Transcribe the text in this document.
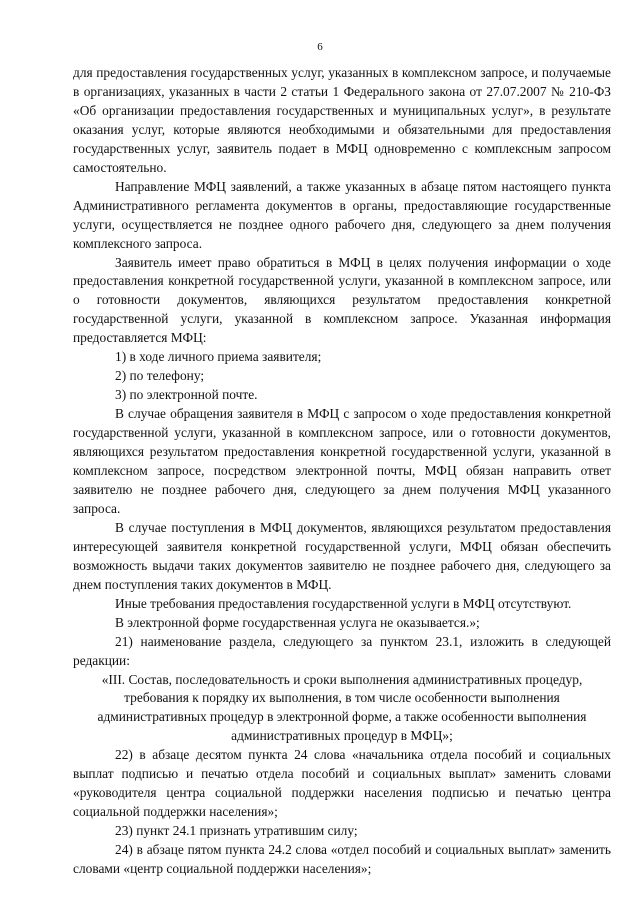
6

для предоставления государственных услуг, указанных в комплексном запросе, и получаемые в организациях, указанных в части 2 статьи 1 Федерального закона от 27.07.2007 № 210-ФЗ «Об организации предоставления государственных и муниципальных услуг», в результате оказания услуг, которые являются необходимыми и обязательными для предоставления государственных услуг, заявитель подает в МФЦ одновременно с комплексным запросом самостоятельно.

Направление МФЦ заявлений, а также указанных в абзаце пятом настоящего пункта Административного регламента документов в органы, предоставляющие государственные услуги, осуществляется не позднее одного рабочего дня, следующего за днем получения комплексного запроса.

Заявитель имеет право обратиться в МФЦ в целях получения информации о ходе предоставления конкретной государственной услуги, указанной в комплексном запросе, или о готовности документов, являющихся результатом предоставления конкретной государственной услуги, указанной в комплексном запросе. Указанная информация предоставляется МФЦ:

1) в ходе личного приема заявителя;

2) по телефону;

3) по электронной почте.

В случае обращения заявителя в МФЦ с запросом о ходе предоставления конкретной государственной услуги, указанной в комплексном запросе, или о готовности документов, являющихся результатом предоставления конкретной государственной услуги, указанной в комплексном запросе, посредством электронной почты, МФЦ обязан направить ответ заявителю не позднее рабочего дня, следующего за днем получения МФЦ указанного запроса.

В случае поступления в МФЦ документов, являющихся результатом предоставления интересующей заявителя конкретной государственной услуги, МФЦ обязан обеспечить возможность выдачи таких документов заявителю не позднее рабочего дня, следующего за днем поступления таких документов в МФЦ.

Иные требования предоставления государственной услуги в МФЦ отсутствуют.

В электронной форме государственная услуга не оказывается.»;

21) наименование раздела, следующего за пунктом 23.1, изложить в следующей редакции:

«III. Состав, последовательность и сроки выполнения административных процедур, требования к порядку их выполнения, в том числе особенности выполнения административных процедур в электронной форме, а также особенности выполнения административных процедур в МФЦ»;

22) в абзаце десятом пункта 24 слова «начальника отдела пособий и социальных выплат подписью и печатью отдела пособий и социальных выплат» заменить словами «руководителя центра социальной поддержки населения подписью и печатью центра социальной поддержки населения»;

23) пункт 24.1 признать утратившим силу;

24) в абзаце пятом пункта 24.2 слова «отдел пособий и социальных выплат» заменить словами «центр социальной поддержки населения»;
